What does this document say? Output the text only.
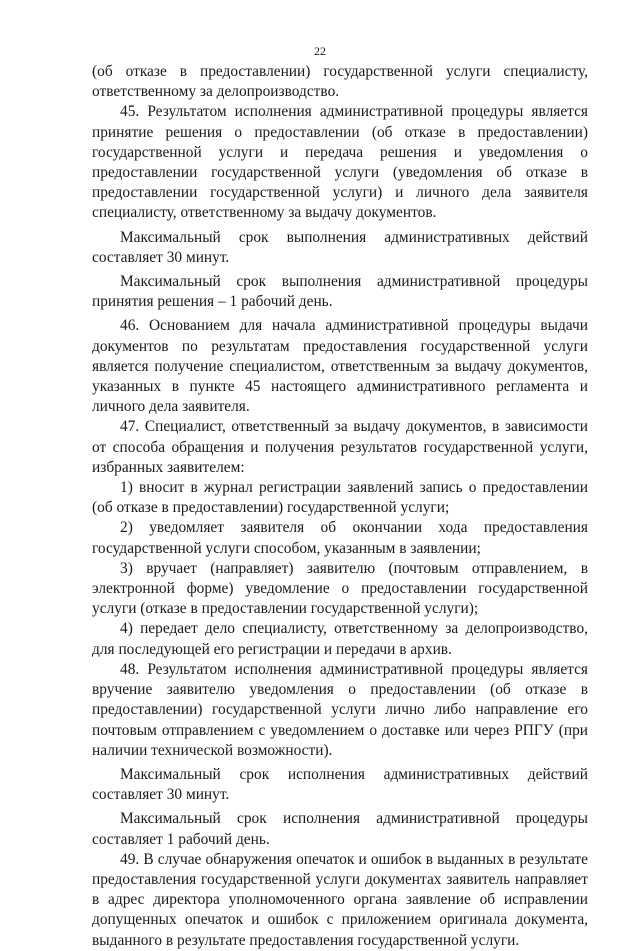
22

(об отказе в предоставлении) государственной услуги специалисту, ответственному за делопроизводство.

45. Результатом исполнения административной процедуры является принятие решения о предоставлении (об отказе в предоставлении) государственной услуги и передача решения и уведомления о предоставлении государственной услуги (уведомления об отказе в предоставлении государственной услуги) и личного дела заявителя специалисту, ответственному за выдачу документов.

Максимальный срок выполнения административных действий составляет 30 минут.

Максимальный срок выполнения административной процедуры принятия решения – 1 рабочий день.

46. Основанием для начала административной процедуры выдачи документов по результатам предоставления государственной услуги является получение специалистом, ответственным за выдачу документов, указанных в пункте 45 настоящего административного регламента и личного дела заявителя.

47. Специалист, ответственный за выдачу документов, в зависимости от способа обращения и получения результатов государственной услуги, избранных заявителем:

1) вносит в журнал регистрации заявлений запись о предоставлении (об отказе в предоставлении) государственной услуги;

2) уведомляет заявителя об окончании хода предоставления государственной услуги способом, указанным в заявлении;

3) вручает (направляет) заявителю (почтовым отправлением, в электронной форме) уведомление о предоставлении государственной услуги (отказе в предоставлении государственной услуги);

4) передает дело специалисту, ответственному за делопроизводство, для последующей его регистрации и передачи в архив.

48. Результатом исполнения административной процедуры является вручение заявителю уведомления о предоставлении (об отказе в предоставлении) государственной услуги лично либо направление его почтовым отправлением с уведомлением о доставке или через РПГУ (при наличии технической возможности).

Максимальный срок исполнения административных действий составляет 30 минут.

Максимальный срок исполнения административной процедуры составляет 1 рабочий день.

49. В случае обнаружения опечаток и ошибок в выданных в результате предоставления государственной услуги документах заявитель направляет в адрес директора уполномоченного органа заявление об исправлении допущенных опечаток и ошибок с приложением оригинала документа, выданного в результате предоставления государственной услуги.
